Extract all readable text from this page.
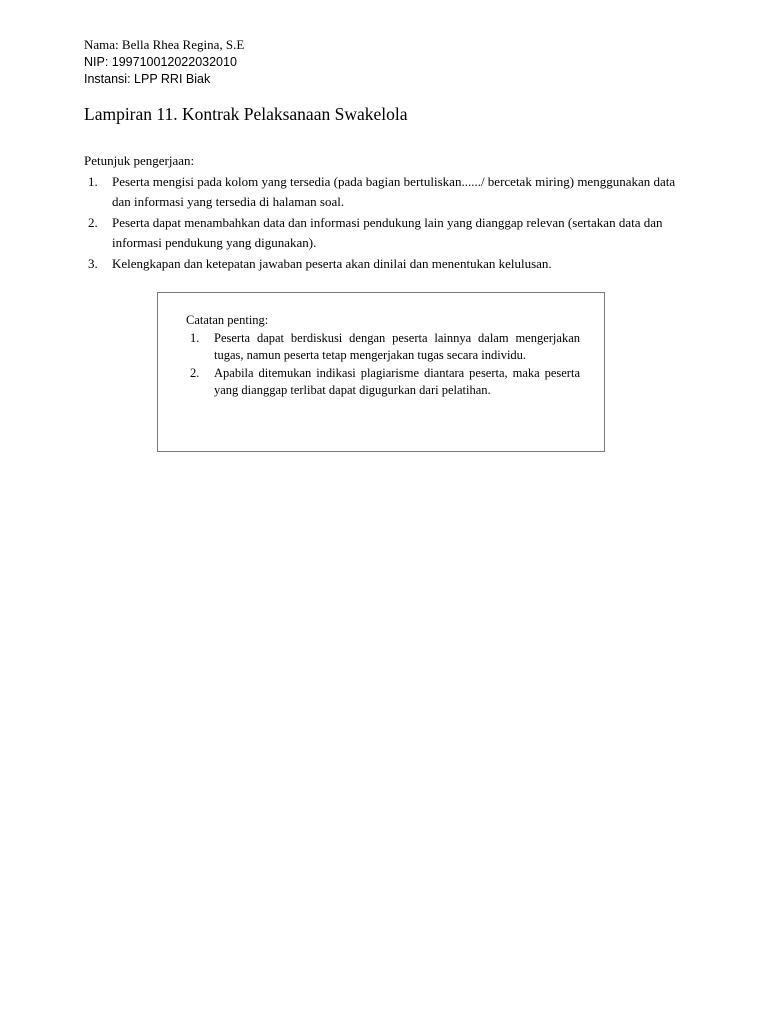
Nama: Bella Rhea Regina, S.E
NIP: 199710012022032010
Instansi: LPP RRI Biak
Lampiran 11. Kontrak Pelaksanaan Swakelola

Petunjuk pengerjaan:

1. Peserta mengisi pada kolom yang tersedia (pada bagian bertuliskan....../ bercetak miring) menggunakan data dan informasi yang tersedia di halaman soal.
2. Peserta dapat menambahkan data dan informasi pendukung lain yang dianggap relevan (sertakan data dan informasi pendukung yang digunakan).
3. Kelengkapan dan ketepatan jawaban peserta akan dinilai dan menentukan kelulusan.
Catatan penting:
1. Peserta dapat berdiskusi dengan peserta lainnya dalam mengerjakan tugas, namun peserta tetap mengerjakan tugas secara individu.
2. Apabila ditemukan indikasi plagiarisme diantara peserta, maka peserta yang dianggap terlibat dapat digugurkan dari pelatihan.
